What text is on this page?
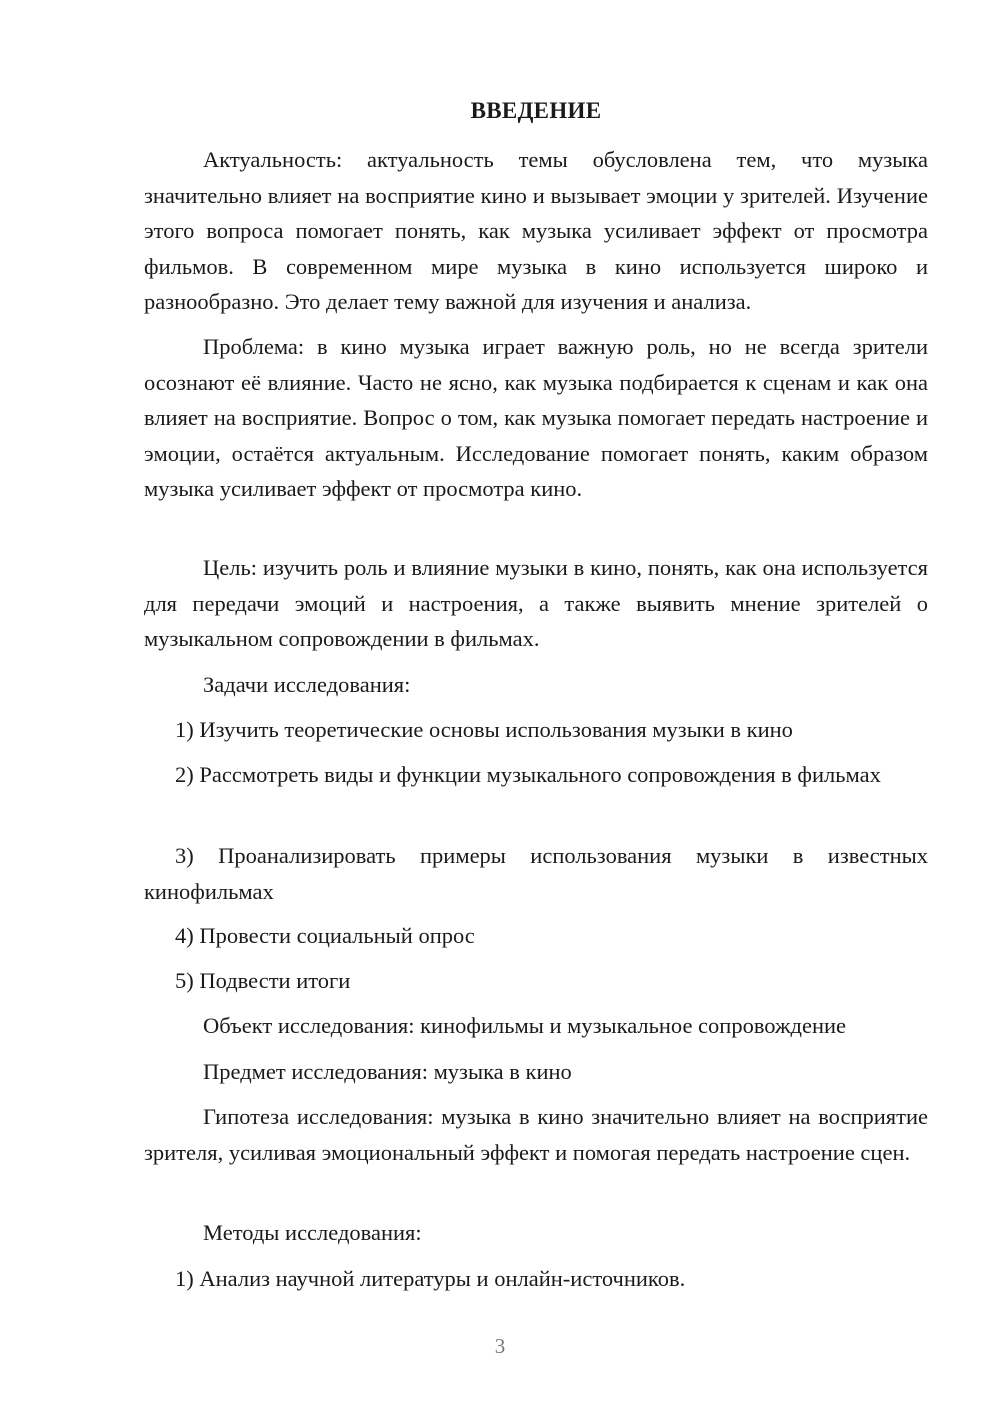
ВВЕДЕНИЕ

Актуальность: актуальность темы обусловлена тем, что музыка значительно влияет на восприятие кино и вызывает эмоции у зрителей. Изучение этого вопроса помогает понять, как музыка усиливает эффект от просмотра фильмов. В современном мире музыка в кино используется широко и разнообразно. Это делает тему важной для изучения и анализа.

Проблема: в кино музыка играет важную роль, но не всегда зрители осознают её влияние. Часто не ясно, как музыка подбирается к сценам и как она влияет на восприятие. Вопрос о том, как музыка помогает передать настроение и эмоции, остаётся актуальным. Исследование помогает понять, каким образом музыка усиливает эффект от просмотра кино.

Цель: изучить роль и влияние музыки в кино, понять, как она используется для передачи эмоций и настроения, а также выявить мнение зрителей о музыкальном сопровождении в фильмах.

Задачи исследования:

1) Изучить теоретические основы использования музыки в кино

2) Рассмотреть виды и функции музыкального сопровождения в фильмах

3) Проанализировать примеры использования музыки в известных кинофильмах

4) Провести социальный опрос

5) Подвести итоги

Объект исследования: кинофильмы и музыкальное сопровождение

Предмет исследования: музыка в кино

Гипотеза исследования: музыка в кино значительно влияет на восприятие зрителя, усиливая эмоциональный эффект и помогая передать настроение сцен.

Методы исследования:

1) Анализ научной литературы и онлайн-источников.

3
